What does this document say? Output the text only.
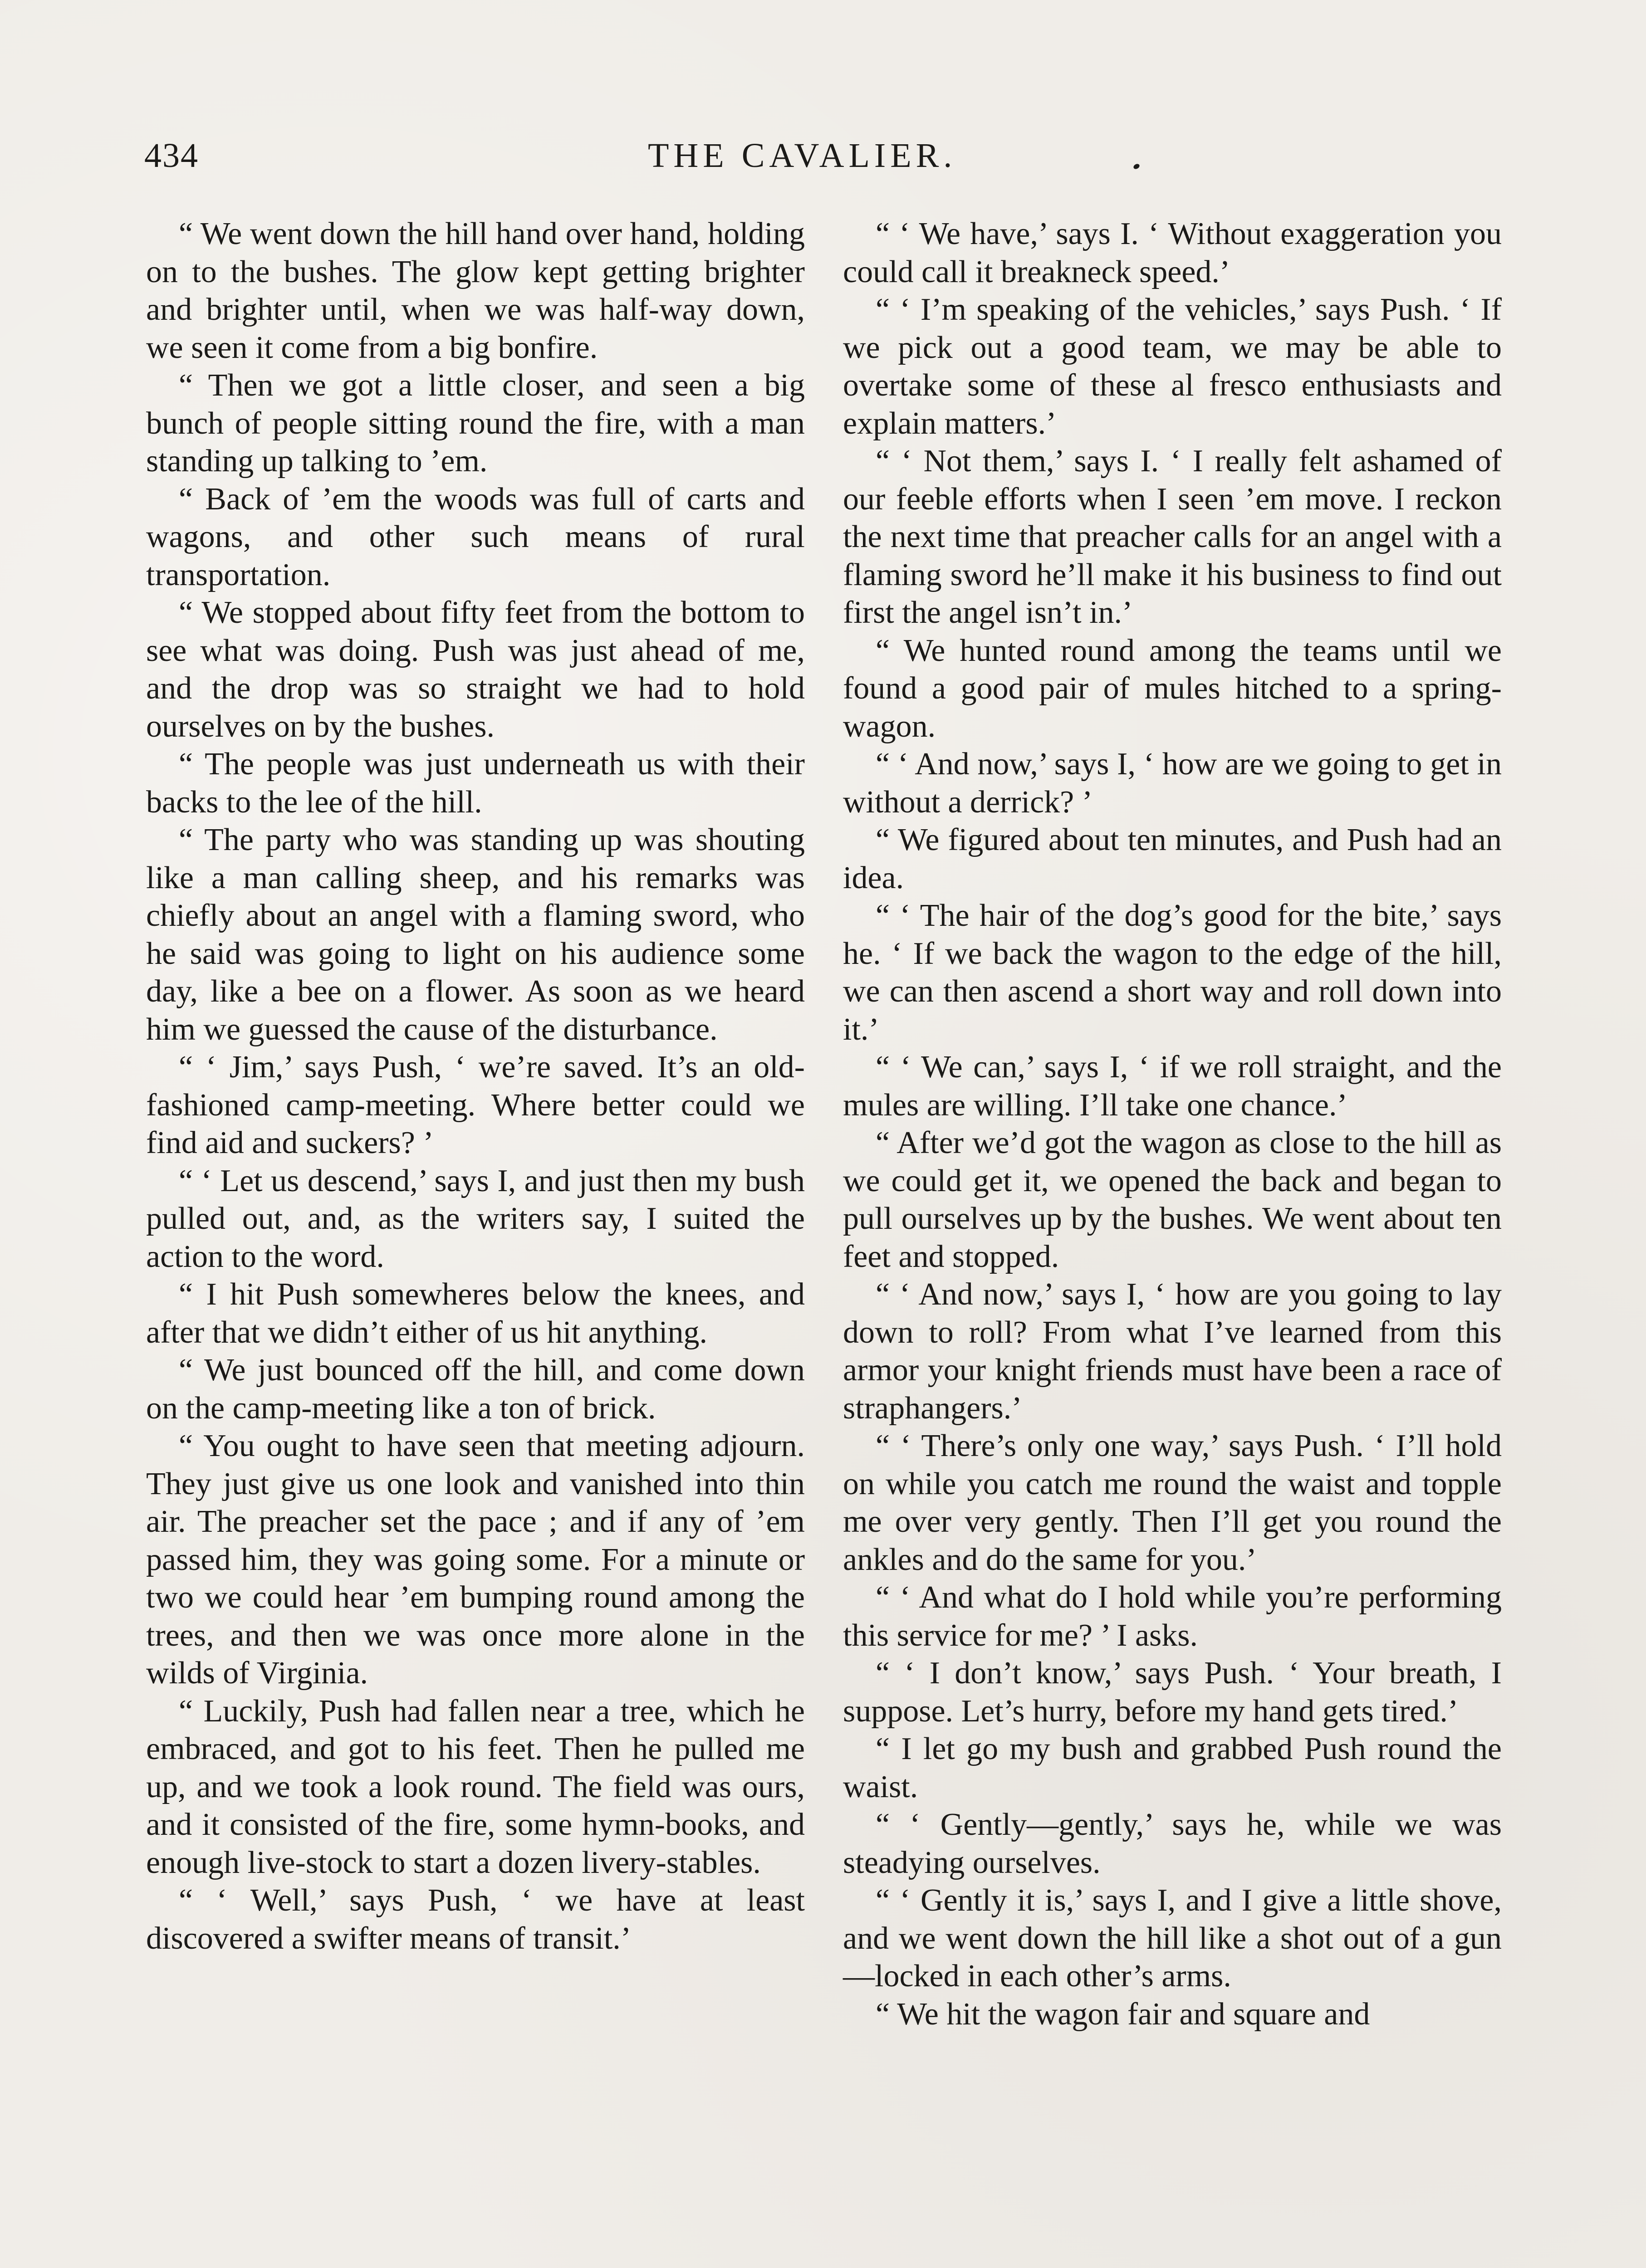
434	THE CAVALIER.

“ We went down the hill hand over hand, holding on to the bushes. The glow kept getting brighter and brighter until, when we was half-way down, we seen it come from a big bonfire.

“ Then we got a little closer, and seen a big bunch of people sitting round the fire, with a man standing up talking to ’em.

“ Back of ’em the woods was full of carts and wagons, and other such means of rural transportation.

“ We stopped about fifty feet from the bottom to see what was doing. Push was just ahead of me, and the drop was so straight we had to hold ourselves on by the bushes.

“ The people was just underneath us with their backs to the lee of the hill.

“ The party who was standing up was shouting like a man calling sheep, and his remarks was chiefly about an angel with a flaming sword, who he said was going to light on his audience some day, like a bee on a flower. As soon as we heard him we guessed the cause of the disturbance.

“ ‘ Jim,’ says Push, ‘ we’re saved. It’s an old-fashioned camp-meeting. Where better could we find aid and suckers? ’

“ ‘ Let us descend,’ says I, and just then my bush pulled out, and, as the writers say, I suited the action to the word.

“ I hit Push somewheres below the knees, and after that we didn’t either of us hit anything.

“ We just bounced off the hill, and come down on the camp-meeting like a ton of brick.

“ You ought to have seen that meeting adjourn. They just give us one look and vanished into thin air. The preacher set the pace ; and if any of ’em passed him, they was going some. For a minute or two we could hear ’em bumping round among the trees, and then we was once more alone in the wilds of Virginia.

“ Luckily, Push had fallen near a tree, which he embraced, and got to his feet. Then he pulled me up, and we took a look round. The field was ours, and it consisted of the fire, some hymn-books, and enough live-stock to start a dozen livery-stables.

“ ‘ Well,’ says Push, ‘ we have at least discovered a swifter means of transit.’

“ ‘ We have,’ says I. ‘ Without exaggeration you could call it breakneck speed.’

“ ‘ I’m speaking of the vehicles,’ says Push. ‘ If we pick out a good team, we may be able to overtake some of these al fresco enthusiasts and explain matters.’

“ ‘ Not them,’ says I. ‘ I really felt ashamed of our feeble efforts when I seen ’em move. I reckon the next time that preacher calls for an angel with a flaming sword he’ll make it his business to find out first the angel isn’t in.’

“ We hunted round among the teams until we found a good pair of mules hitched to a spring-wagon.

“ ‘ And now,’ says I, ‘ how are we going to get in without a derrick? ’

“ We figured about ten minutes, and Push had an idea.

“ ‘ The hair of the dog’s good for the bite,’ says he. ‘ If we back the wagon to the edge of the hill, we can then ascend a short way and roll down into it.’

“ ‘ We can,’ says I, ‘ if we roll straight, and the mules are willing. I’ll take one chance.’

“ After we’d got the wagon as close to the hill as we could get it, we opened the back and began to pull ourselves up by the bushes. We went about ten feet and stopped.

“ ‘ And now,’ says I, ‘ how are you going to lay down to roll? From what I’ve learned from this armor your knight friends must have been a race of straphangers.’

“ ‘ There’s only one way,’ says Push. ‘ I’ll hold on while you catch me round the waist and topple me over very gently. Then I’ll get you round the ankles and do the same for you.’

“ ‘ And what do I hold while you’re performing this service for me? ’ I asks.

“ ‘ I don’t know,’ says Push. ‘ Your breath, I suppose. Let’s hurry, before my hand gets tired.’

“ I let go my bush and grabbed Push round the waist.

“ ‘ Gently—gently,’ says he, while we was steadying ourselves.

“ ‘ Gently it is,’ says I, and I give a little shove, and we went down the hill like a shot out of a gun—locked in each other’s arms.

“ We hit the wagon fair and square and
